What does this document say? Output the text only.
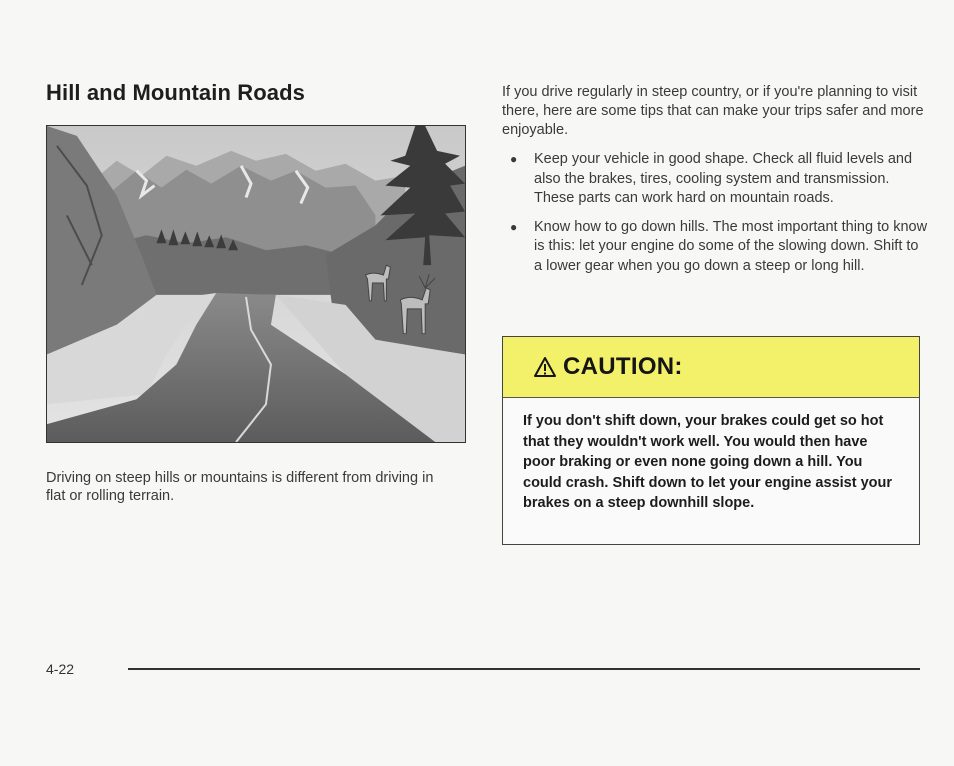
Hill and Mountain Roads

Driving on steep hills or mountains is different from driving in flat or rolling terrain.

If you drive regularly in steep country, or if you're planning to visit there, here are some tips that can make your trips safer and more enjoyable.

● Keep your vehicle in good shape. Check all fluid levels and also the brakes, tires, cooling system and transmission. These parts can work hard on mountain roads.
● Know how to go down hills. The most important thing to know is this: let your engine do some of the slowing down. Shift to a lower gear when you go down a steep or long hill.
CAUTION:
If you don't shift down, your brakes could get so hot that they wouldn't work well. You would then have poor braking or even none going down a hill. You could crash. Shift down to let your engine assist your brakes on a steep downhill slope.
4-22
